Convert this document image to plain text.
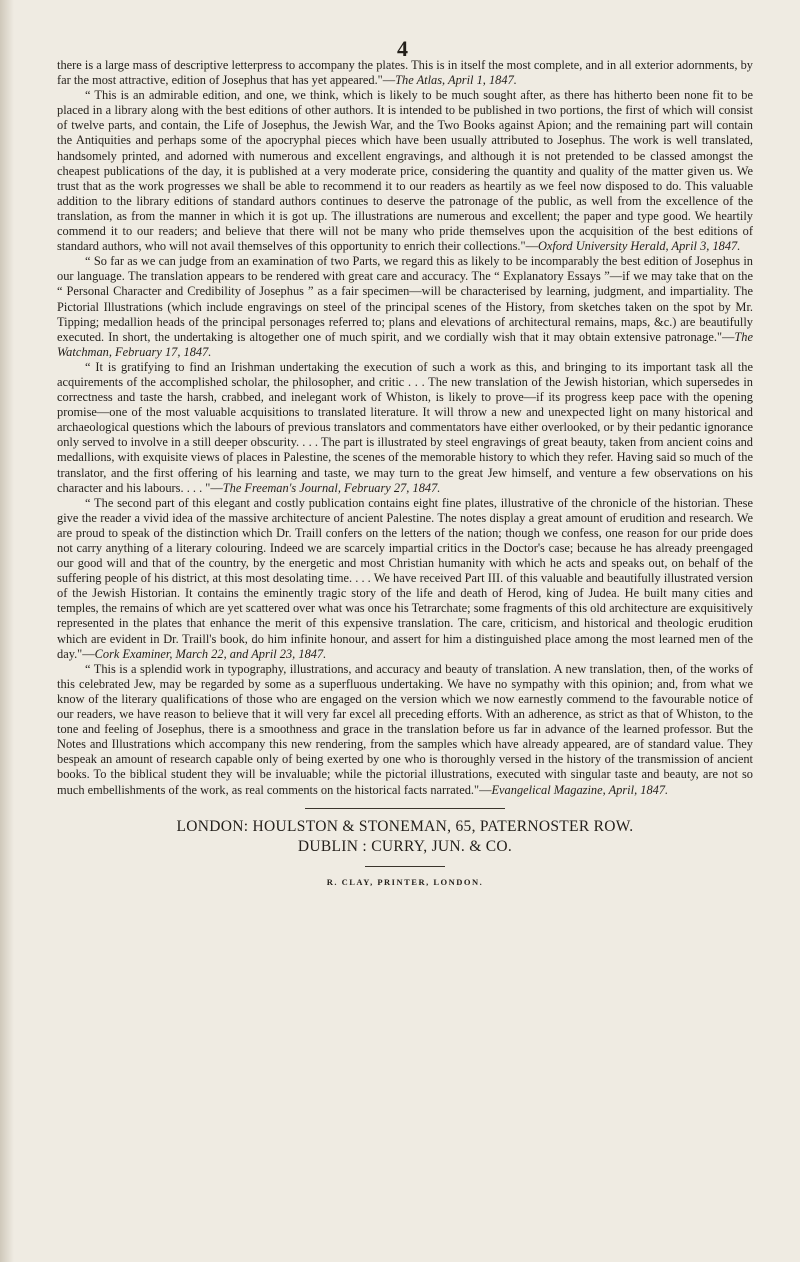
4

there is a large mass of descriptive letterpress to accompany the plates. This is in itself the most complete, and in all exterior adornments, by far the most attractive, edition of Josephus that has yet appeared."—The Atlas, April 1, 1847.

“ This is an admirable edition, and one, we think, which is likely to be much sought after, as there has hitherto been none fit to be placed in a library along with the best editions of other authors. It is intended to be published in two portions, the first of which will consist of twelve parts, and contain, the Life of Josephus, the Jewish War, and the Two Books against Apion; and the remaining part will contain the Antiquities and perhaps some of the apocryphal pieces which have been usually attributed to Josephus. The work is well translated, handsomely printed, and adorned with numerous and excellent engravings, and although it is not pretended to be classed amongst the cheapest publications of the day, it is published at a very moderate price, considering the quantity and quality of the matter given us. We trust that as the work progresses we shall be able to recommend it to our readers as heartily as we feel now disposed to do. This valuable addition to the library editions of standard authors continues to deserve the patronage of the public, as well from the excellence of the translation, as from the manner in which it is got up. The illustrations are numerous and excellent; the paper and type good. We heartily commend it to our readers; and believe that there will not be many who pride themselves upon the acquisition of the best editions of standard authors, who will not avail themselves of this opportunity to enrich their collections."—Oxford University Herald, April 3, 1847.

“ So far as we can judge from an examination of two Parts, we regard this as likely to be incomparably the best edition of Josephus in our language. The translation appears to be rendered with great care and accuracy. The “ Explanatory Essays ”—if we may take that on the “ Personal Character and Credibility of Josephus ” as a fair specimen—will be characterised by learning, judgment, and impartiality. The Pictorial Illustrations (which include engravings on steel of the principal scenes of the History, from sketches taken on the spot by Mr. Tipping; medallion heads of the principal personages referred to; plans and elevations of architectural remains, maps, &c.) are beautifully executed. In short, the undertaking is altogether one of much spirit, and we cordially wish that it may obtain extensive patronage."—The Watchman, February 17, 1847.

“ It is gratifying to find an Irishman undertaking the execution of such a work as this, and bringing to its important task all the acquirements of the accomplished scholar, the philosopher, and critic . . . The new translation of the Jewish historian, which supersedes in correctness and taste the harsh, crabbed, and inelegant work of Whiston, is likely to prove—if its progress keep pace with the opening promise—one of the most valuable acquisitions to translated literature. It will throw a new and unexpected light on many historical and archaeological questions which the labours of previous translators and commentators have either overlooked, or by their pedantic ignorance only served to involve in a still deeper obscurity. . . . The part is illustrated by steel engravings of great beauty, taken from ancient coins and medallions, with exquisite views of places in Palestine, the scenes of the memorable history to which they refer. Having said so much of the translator, and the first offering of his learning and taste, we may turn to the great Jew himself, and venture a few observations on his character and his labours. . . . "—The Freeman's Journal, February 27, 1847.

“ The second part of this elegant and costly publication contains eight fine plates, illustrative of the chronicle of the historian. These give the reader a vivid idea of the massive architecture of ancient Palestine. The notes display a great amount of erudition and research. We are proud to speak of the distinction which Dr. Traill confers on the letters of the nation; though we confess, one reason for our pride does not carry anything of a literary colouring. Indeed we are scarcely impartial critics in the Doctor's case; because he has already preengaged our good will and that of the country, by the energetic and most Christian humanity with which he acts and speaks out, on behalf of the suffering people of his district, at this most desolating time. . . . We have received Part III. of this valuable and beautifully illustrated version of the Jewish Historian. It contains the eminently tragic story of the life and death of Herod, king of Judea. He built many cities and temples, the remains of which are yet scattered over what was once his Tetrarchate; some fragments of this old architecture are exquisitively represented in the plates that enhance the merit of this expensive translation. The care, criticism, and historical and theologic erudition which are evident in Dr. Traill's book, do him infinite honour, and assert for him a distinguished place among the most learned men of the day."—Cork Examiner, March 22, and April 23, 1847.

“ This is a splendid work in typography, illustrations, and accuracy and beauty of translation. A new translation, then, of the works of this celebrated Jew, may be regarded by some as a superfluous undertaking. We have no sympathy with this opinion; and, from what we know of the literary qualifications of those who are engaged on the version which we now earnestly commend to the favourable notice of our readers, we have reason to believe that it will very far excel all preceding efforts. With an adherence, as strict as that of Whiston, to the tone and feeling of Josephus, there is a smoothness and grace in the translation before us far in advance of the learned professor. But the Notes and Illustrations which accompany this new rendering, from the samples which have already appeared, are of standard value. They bespeak an amount of research capable only of being exerted by one who is thoroughly versed in the history of the transmission of ancient books. To the biblical student they will be invaluable; while the pictorial illustrations, executed with singular taste and beauty, are not so much embellishments of the work, as real comments on the historical facts narrated."—Evangelical Magazine, April, 1847.

LONDON: HOULSTON & STONEMAN, 65, PATERNOSTER ROW.
DUBLIN : CURRY, JUN. & CO.
R. CLAY, PRINTER, LONDON.
